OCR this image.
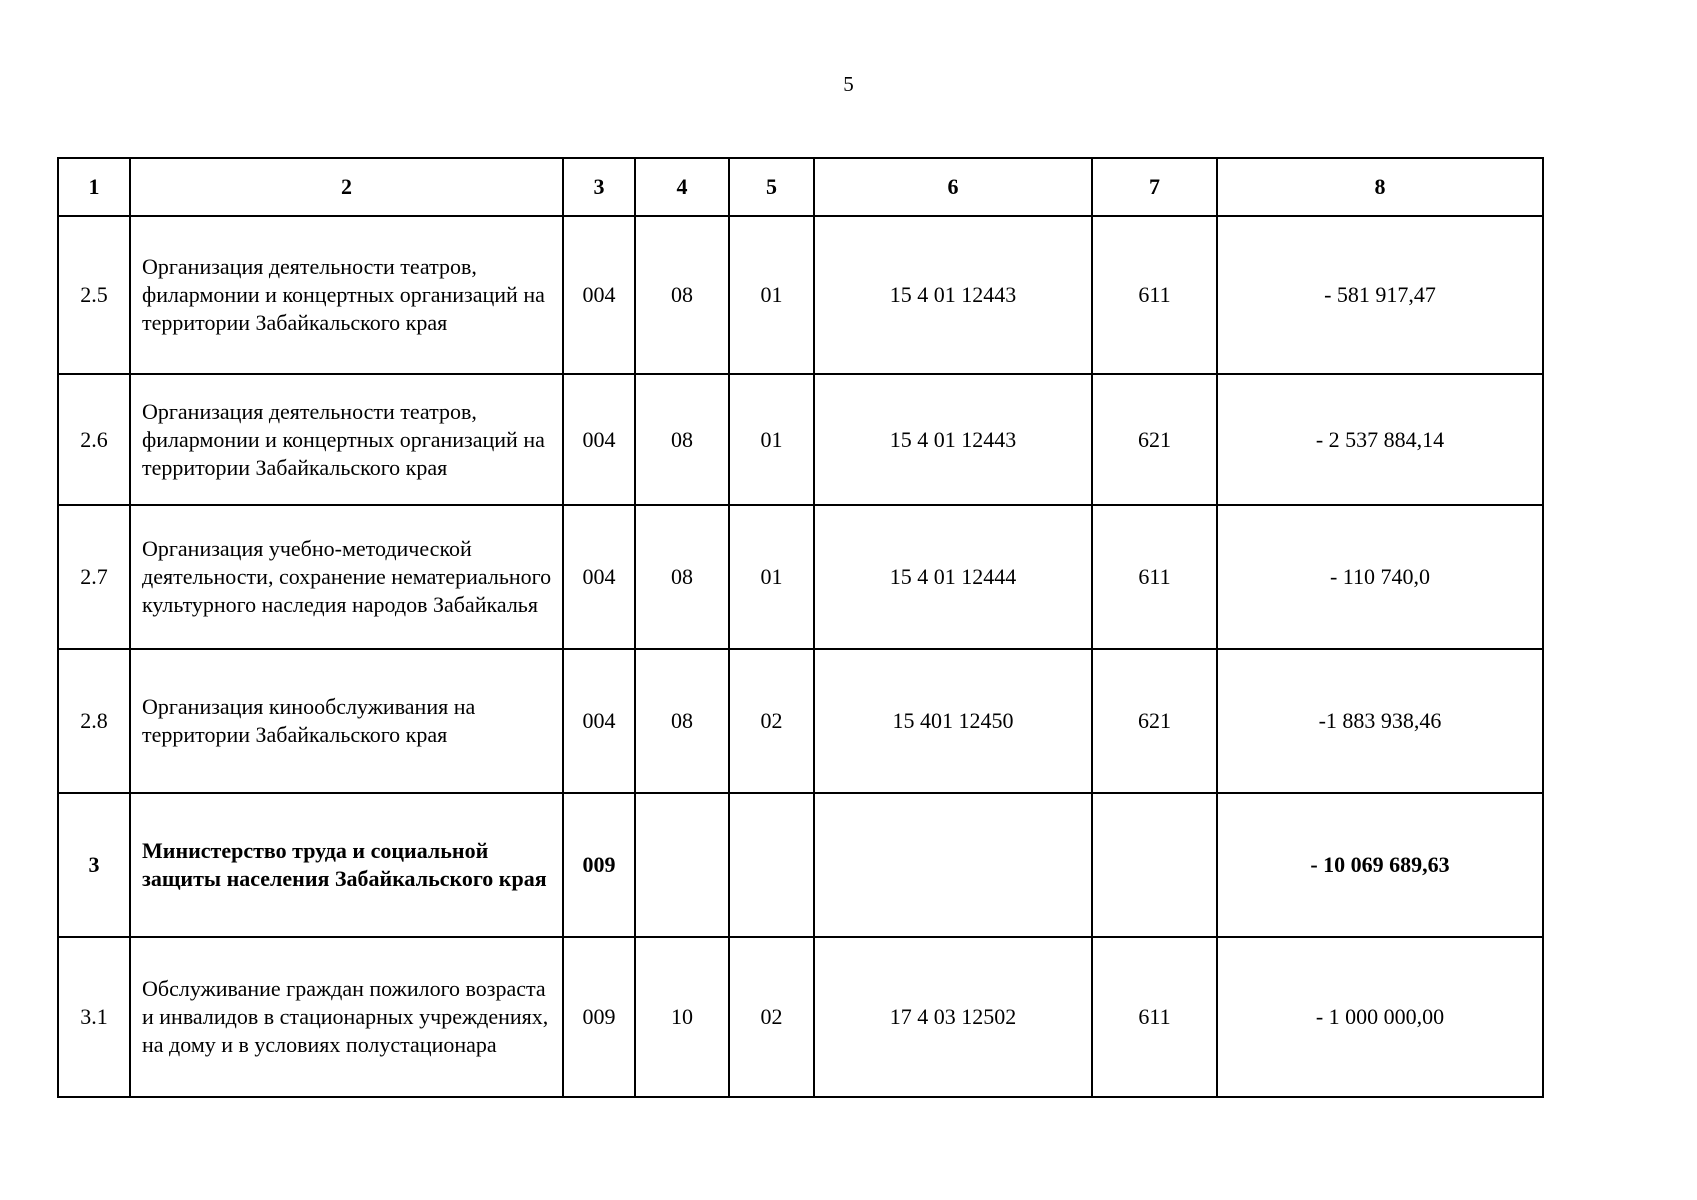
5
1	2	3	4	5	6	7	8
2.5	Организация деятельности театров, филармонии и концертных организаций на территории Забайкальского края	004	08	01	15 4 01 12443	611	- 581 917,47
2.6	Организация деятельности театров, филармонии и концертных организаций на территории Забайкальского края	004	08	01	15 4 01 12443	621	- 2 537 884,14
2.7	Организация учебно-методической деятельности, сохранение нематериального культурного наследия народов Забайкалья	004	08	01	15 4 01 12444	611	- 110 740,0
2.8	Организация кинообслуживания на территории Забайкальского края	004	08	02	15 401 12450	621	-1 883 938,46
3	Министерство труда и социальной защиты населения Забайкальского края	009					- 10 069 689,63
3.1	Обслуживание граждан пожилого возраста и инвалидов в стационарных учреждениях, на дому и в условиях полустационара	009	10	02	17 4 03 12502	611	- 1 000 000,00
